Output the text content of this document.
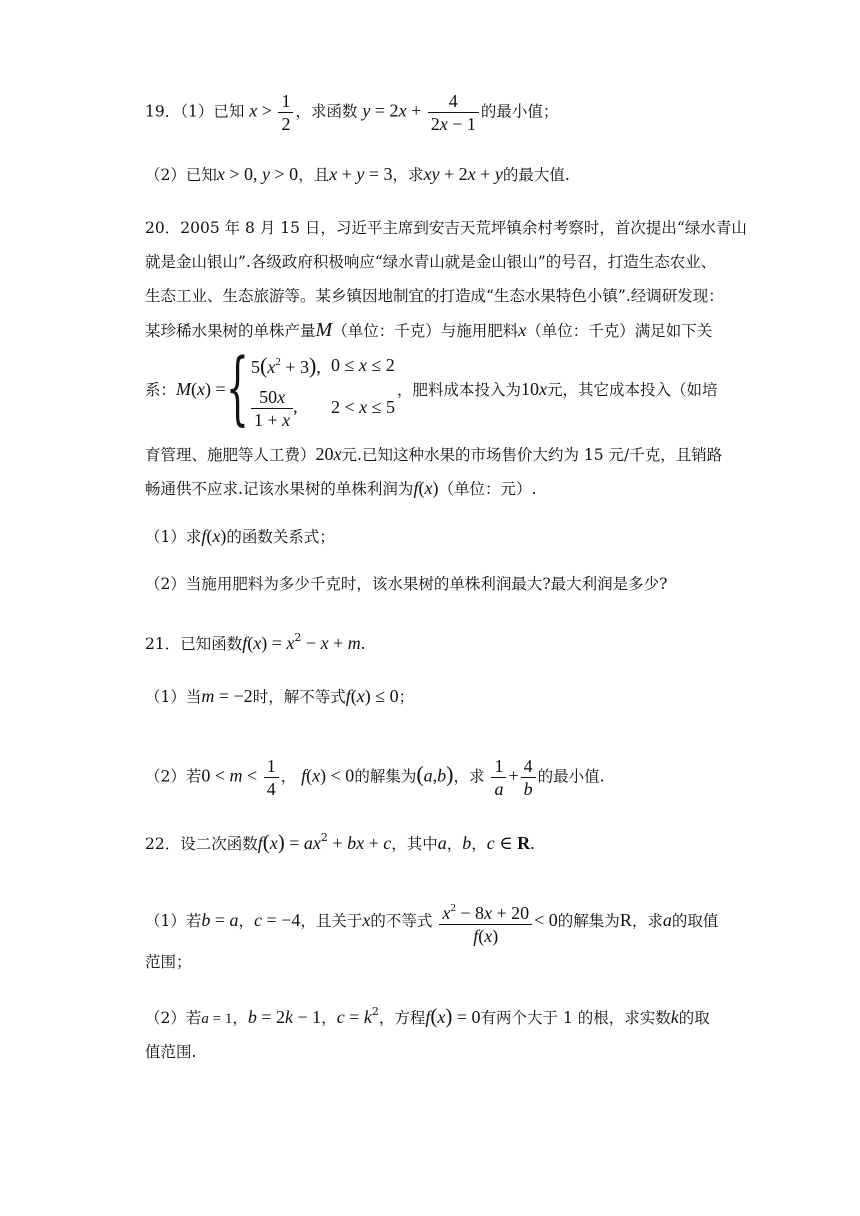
19．（1）已知 $x > \frac{1}{2}$ ，求函数 $y = 2x + \frac{4}{2x - 1}$ 的最小值；
（2）已知x > 0, y > 0，且x + y = 3，求xy + 2x + y的最大值.
20．2005 年 8 月 15 日，习近平主席到安吉天荒坪镇余村考察时，首次提出“绿水青山
就是金山银山”.各级政府积极响应“绿水青山就是金山银山”的号召，打造生态农业、
生态工业、生态旅游等。某乡镇因地制宜的打造成“生态水果特色小镇”.经调研发现：
某珍稀水果树的单株产量M（单位：千克）与施用肥料x（单位：千克）满足如下关
系：M(x) = { $5(x^2 + 3)$, 0 ≤ x ≤ 2
$\frac{50x}{1 + x}$ , 2 < x ≤ 5
，肥料成本投入为10x元，其它成本投入（如培
育管理、施肥等人工费）20x元.已知这种水果的市场售价大约为 15 元/千克，且销路
畅通供不应求.记该水果树的单株利润为f(x)（单位：元）.
（1）求f(x)的函数关系式；
（2）当施用肥料为多少千克时，该水果树的单株利润最大?最大利润是多少?
21．已知函数$f(x) = x^2 - x + m$.
（1）当m = −2时，解不等式f(x) ≤ 0；
（2）若$0 < m < \frac{1}{4}$ ， f(x) < 0的解集为(a,b)，求 $\frac{1}{a} + \frac{4}{b}$ 的最小值.
22．设二次函数$f(x) = ax^2$ + bx + c，其中a，b，c ∈ R.
（1）若b = a，c = −4，且关于x的不等式 $\frac{x^2 - 8x + 20}{f(x)} < 0$的解集为R，求a的取值
范围；
（2）若a = 1，b = 2k − 1，$c = k^2$，方程f(x) = 0有两个大于 1 的根，求实数k的取
值范围.
